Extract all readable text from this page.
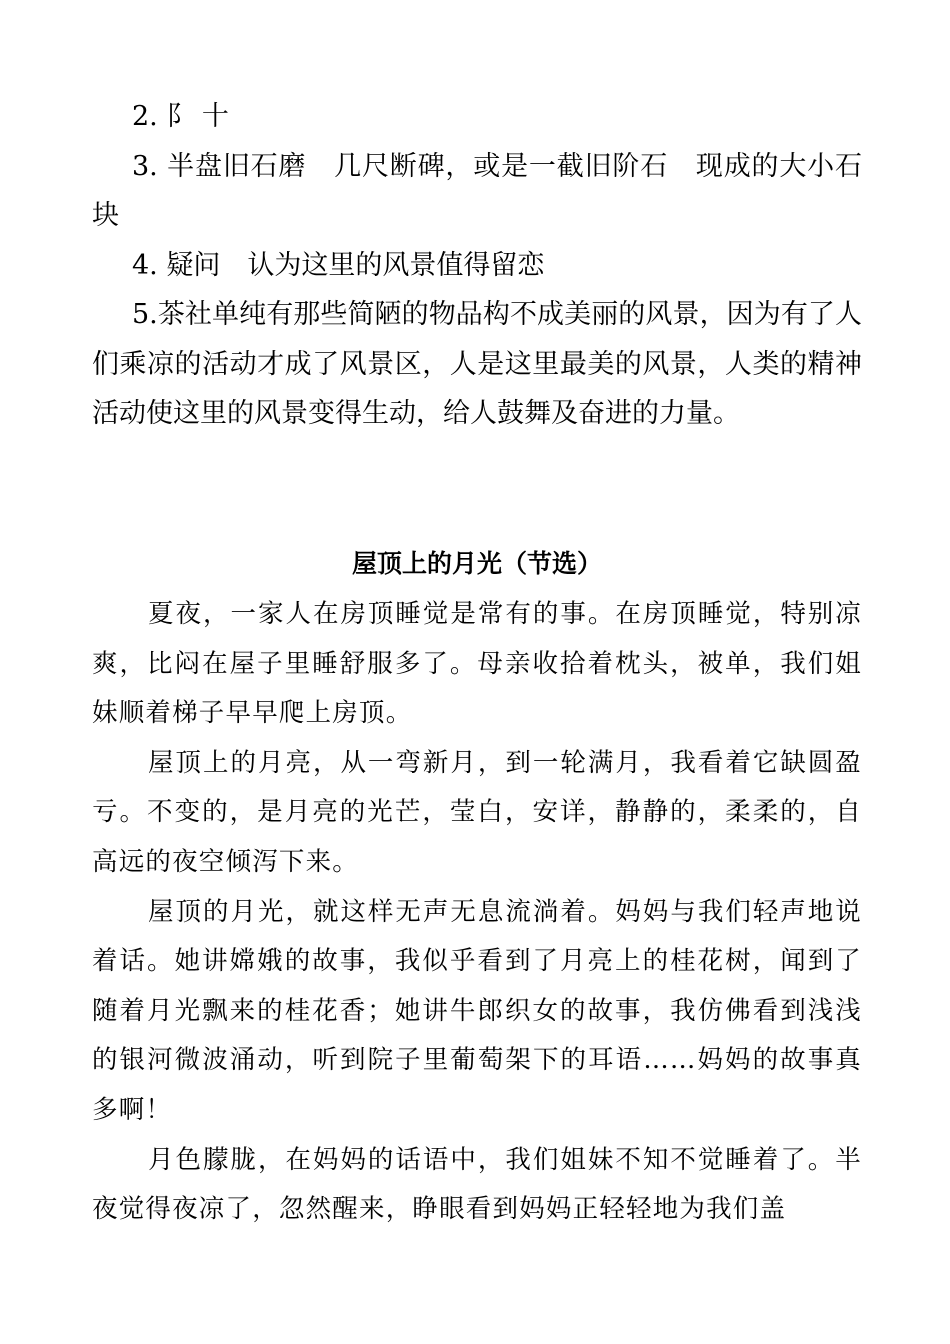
2. 阝 十

3. 半盘旧石磨　几尺断碑，或是一截旧阶石　现成的大小石块

4. 疑问　认为这里的风景值得留恋

5.茶社单纯有那些简陋的物品构不成美丽的风景，因为有了人们乘凉的活动才成了风景区，人是这里最美的风景，人类的精神活动使这里的风景变得生动，给人鼓舞及奋进的力量。

屋顶上的月光（节选）

夏夜，一家人在房顶睡觉是常有的事。在房顶睡觉，特别凉爽，比闷在屋子里睡舒服多了。母亲收拾着枕头，被单，我们姐妹顺着梯子早早爬上房顶。

屋顶上的月亮，从一弯新月，到一轮满月，我看着它缺圆盈亏。不变的，是月亮的光芒，莹白，安详，静静的，柔柔的，自高远的夜空倾泻下来。

屋顶的月光，就这样无声无息流淌着。妈妈与我们轻声地说着话。她讲嫦娥的故事，我似乎看到了月亮上的桂花树，闻到了随着月光飘来的桂花香；她讲牛郎织女的故事，我仿佛看到浅浅的银河微波涌动，听到院子里葡萄架下的耳语……妈妈的故事真多啊！

月色朦胧，在妈妈的话语中，我们姐妹不知不觉睡着了。半夜觉得夜凉了，忽然醒来，睁眼看到妈妈正轻轻地为我们盖
